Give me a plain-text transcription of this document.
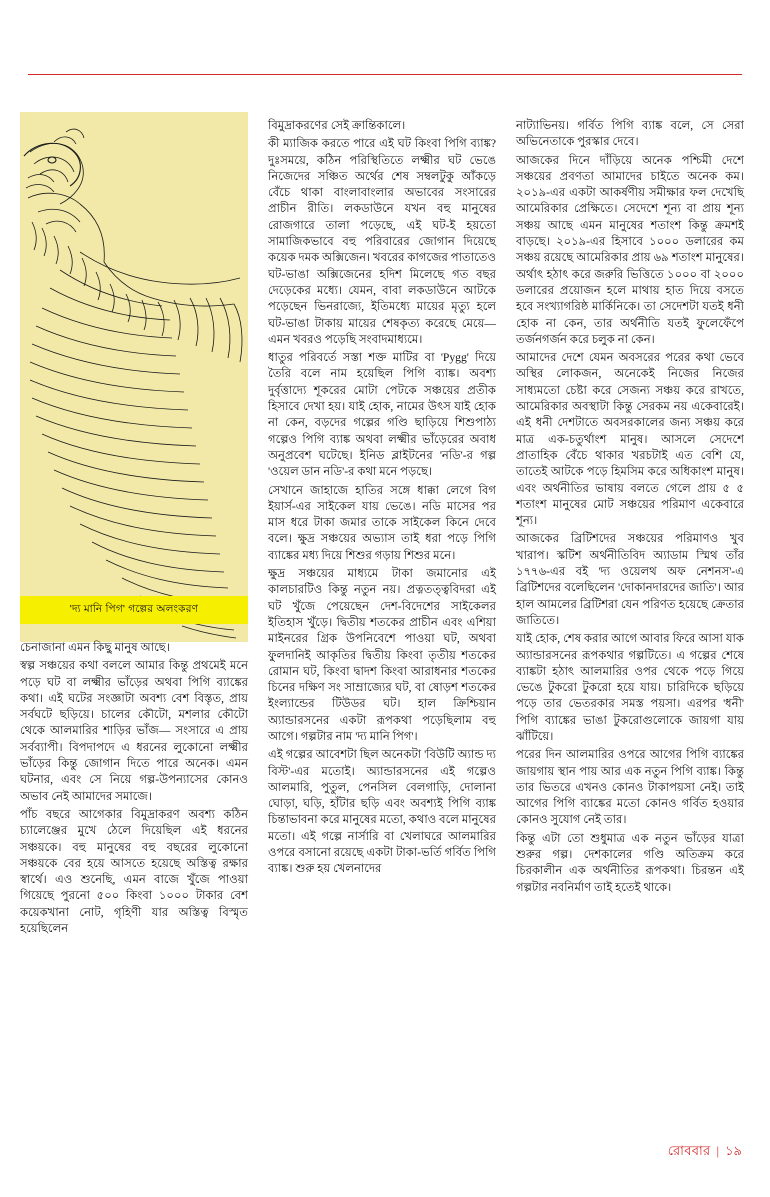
'দ্য মানি পিগ' গল্পের অলংকরণ

চেনাজানা এমন কিছু মানুষ আছে।

স্বল্প সঞ্চয়ের কথা বললে আমার কিন্তু প্রথমেই মনে পড়ে ঘট বা লক্ষ্মীর ভাঁড়ের অথবা পিগি ব্যাঙ্কের কথা। এই ঘটের সংজ্ঞাটা অবশ্য বেশ বিস্তৃত, প্রায় সর্বঘটে ছড়িয়ে। চালের কৌটো, মশলার কৌটো থেকে আলমারির শাড়ির ভাঁজ— সংসারে এ প্রায় সর্বব্যাপী। বিপদাপদে এ ধরনের লুকোনো লক্ষ্মীর ভাঁড়ের কিন্তু জোগান দিতে পারে অনেক। এমন ঘটনার, এবং সে নিয়ে গল্প-উপন্যাসের কোনও অভাব নেই আমাদের সমাজে।

পাঁচ বছরে আগেকার বিমুদ্রাকরণ অবশ্য কঠিন চ্যালেঞ্জের মুখে ঠেলে দিয়েছিল এই ধরনের সঞ্চয়কে। বহু মানুষের বহু বছরের লুকোনো সঞ্চয়কে বের হয়ে আসতে হয়েছে অস্তিত্ব রক্ষার স্বার্থে। এও শুনেছি, এমন বাজে খুঁজে পাওয়া গিয়েছে পুরনো ৫০০ কিংবা ১০০০ টাকার বেশ কয়েকখানা নোট, গৃহিণী যার অস্তিত্ব বিস্মৃত হয়েছিলেন

বিমুদ্রাকরণের সেই ক্রান্তিকালে।

কী ম্যাজিক করতে পারে এই ঘট কিংবা পিগি ব্যাঙ্ক? দুঃসময়ে, কঠিন পরিস্থিতিতে লক্ষ্মীর ঘট ভেঙে নিজেদের সঞ্চিত অর্থের শেষ সম্বলটুকু আঁকড়ে বেঁচে থাকা বাংলাবাংলার অভাবের সংসারের প্রাচীন রীতি। লকডাউনে যখন বহু মানুষের রোজগারে তালা পড়েছে, এই ঘট-ই হয়তো সামাজিকভাবে বহু পরিবারের জোগান দিয়েছে কয়েক দমক অক্সিজেন। খবরের কাগজের পাতাতেও ঘট-ভাঙা অক্সিজেনের হদিশ মিলেছে গত বছর দেড়েকের মধ্যে। যেমন, বাবা লকডাউনে আটকে পড়েছেন ভিনরাজ্যে, ইতিমধ্যে মায়ের মৃত্যু হলে ঘট-ভাঙা টাকায় মায়ের শেষকৃত্য করেছে মেয়ে— এমন খবরও পড়েছি সংবাদমাধ্যমে।

ধাতুর পরিবর্তে সস্তা শক্ত মাটির বা 'Pygg' দিয়ে তৈরি বলে নাম হয়েছিল পিগি ব্যাঙ্ক। অবশ্য দুর্বৃত্তাদ্যে শূকরের মোটা পেটকে সঞ্চয়ের প্রতীক হিসাবে দেখা হয়। যাই হোক, নামের উৎস যাই হোক না কেন, বড়দের গল্পের গণ্ডি ছাড়িয়ে শিশুপাঠ্য গল্পেও পিগি ব্যাঙ্ক অথবা লক্ষ্মীর ভাঁড়েরের অবাধ অনুপ্রবেশ ঘটেছে। ইনিড ব্লাইটনের 'নডি'-র গল্প 'ওয়েল ডান নডি'-র কথা মনে পড়ছে।

সেখানে জাহাজে হাতির সঙ্গে ধাক্কা লেগে বিগ ইয়ার্স-এর সাইকেল যায় ভেঙে। নডি মাসের পর মাস ধরে টাকা জমার তাকে সাইকেল কিনে দেবে বলে। ক্ষুদ্র সঞ্চয়ের অভ্যাস তাই ধরা পড়ে পিগি ব্যাঙ্কের মধ্য দিয়ে শিশুর গড়ায় শিশুর মনে।

ক্ষুদ্র সঞ্চয়ের মাধ্যমে টাকা জমানোর এই কালচারটিও কিন্তু নতুন নয়। প্রত্নতত্ত্ববিদরা এই ঘট খুঁজে পেয়েছেন দেশ-বিদেশের সাইকেলর ইতিহাস খুঁড়ে। দ্বিতীয় শতকের প্রাচীন এবং এশিয়া মাইনরের গ্রিক উপনিবেশে পাওয়া ঘট, অথবা ফুলদানিই আকৃতির দ্বিতীয় কিংবা তৃতীয় শতকের রোমান ঘট, কিংবা দ্বাদশ কিংবা আরাধনার শতকের চিনের দক্ষিণ সং সাম্রাজ্যের ঘট, বা ষোড়শ শতকের ইংল্যান্ডের টিউডর ঘট। হাল ক্রিশ্চিয়ান অ্যান্ডারসনের একটা রূপকথা পড়েছিলাম বহু আগে। গল্পটার নাম 'দ্য মানি পিগ'।

এই গল্পের আবেশটা ছিল অনেকটা 'বিউটি অ্যান্ড দ্য বিস্ট'-এর মতোই। অ্যান্ডারসনের এই গল্পেও আলমারি, পুতুল, পেনসিল বেলগাড়ি, দোলানা ঘোড়া, ঘড়ি, হাঁটার ছড়ি এবং অবশ্যই পিগি ব্যাঙ্ক চিন্তাভাবনা করে মানুষের মতো, কথাও বলে মানুষের মতো। এই গল্পে নার্সারি বা খেলাঘরে আলমারির ওপরে বসানো রয়েছে একটা টাকা-ভর্তি গর্বিত পিগি ব্যাঙ্ক। শুরু হয় খেলনাদের

নাট্যাভিনয়। গর্বিত পিগি ব্যাঙ্ক বলে, সে সেরা অভিনেতাকে পুরস্কার দেবে।

আজকের দিনে দাঁড়িয়ে অনেক পশ্চিমী দেশে সঞ্চয়ের প্রবণতা আমাদের চাইতে অনেক কম। ২০১৯-এর একটা আকর্ষণীয় সমীক্ষার ফল দেখেছি আমেরিকার প্রেক্ষিতে। সেদেশে শূন্য বা প্রায় শূন্য সঞ্চয় আছে এমন মানুষের শতাংশ কিন্তু ক্রমশই বাড়ছে। ২০১৯-এর হিসাবে ১০০০ ডলারের কম সঞ্চয় রয়েছে আমেরিকার প্রায় ৬৯ শতাংশ মানুষের। অর্থাৎ হঠাৎ করে জরুরি ভিত্তিতে ১০০০ বা ২০০০ ডলারের প্রয়োজন হলে মাথায় হাত দিয়ে বসতে হবে সংখ্যাগরিষ্ঠ মার্কিনিকে। তা সেদেশটা যতই ধনী হোক না কেন, তার অর্থনীতি যতই ফুলেফেঁপে তর্জনগর্জন করে চলুক না কেন।

আমাদের দেশে যেমন অবসরের পরের কথা ভেবে অস্থির লোকজন, অনেকেই নিজের নিজের সাধ্যমতো চেষ্টা করে সেজন্য সঞ্চয় করে রাখতে, আমেরিকার অবস্থাটা কিন্তু সেরকম নয় একেবারেই। এই ধনী দেশটাতে অবসরকালের জন্য সঞ্চয় করে মাত্র এক-চতুর্থাংশ মানুষ। আসলে সেদেশে প্রাতাহিক বেঁচে থাকার খরচটাই এত বেশি যে, তাতেই আটকে পড়ে হিমসিম করে অধিকাংশ মানুষ। এবং অর্থনীতির ভাষায় বলতে গেলে প্রায় ৫ ৫ শতাংশ মানুষের মোট সঞ্চয়ের পরিমাণ একেবারে শূন্য।

আজকের ব্রিটিশদের সঞ্চয়ের পরিমাণও খুব খারাপ। স্কটিশ অর্থনীতিবিদ অ্যাডাম স্মিথ তাঁর ১৭৭৬-এর বই 'দ্য ওয়েলথ অফ নেশনস'-এ ব্রিটিশদের বলেছিলেন 'দোকানদারদের জাতি'। আর হাল আমলের ব্রিটিশরা যেন পরিণত হয়েছে ক্রেতার জাতিতে।

যাই হোক, শেষ করার আগে আবার ফিরে আসা যাক অ্যান্ডারসনের রূপকথার গল্পটিতে। এ গল্পের শেষে ব্যাঙ্কটা হঠাৎ আলমারির ওপর থেকে পড়ে গিয়ে ভেঙে টুকরো টুকরো হয়ে যায়। চারিদিকে ছড়িয়ে পড়ে তার ভেতরকার সমস্ত পয়সা। এরপর 'ধনী' পিগি ব্যাঙ্কের ভাঙা টুকরোগুলোকে জায়গা যায় ঝাঁটিয়ে।

পরের দিন আলমারির ওপরে আগের পিগি ব্যাঙ্কের জায়গায় স্থান পায় আর এক নতুন পিগি ব্যাঙ্ক। কিন্তু তার ভিতরে এখনও কোনও টাকাপয়সা নেই। তাই আগের পিগি ব্যাঙ্কের মতো কোনও গর্বিত হওয়ার কোনও সুযোগ নেই তার।

কিন্তু এটা তো শুধুমাত্র এক নতুন ভাঁড়ের যাত্রা শুরুর গল্প। দেশকালের গণ্ডি অতিক্রম করে চিরকালীন এক অর্থনীতির রূপকথা। চিরন্তন এই গল্পটার নবনির্মাণ তাই হতেই থাকে।

রোববার | ১৯
